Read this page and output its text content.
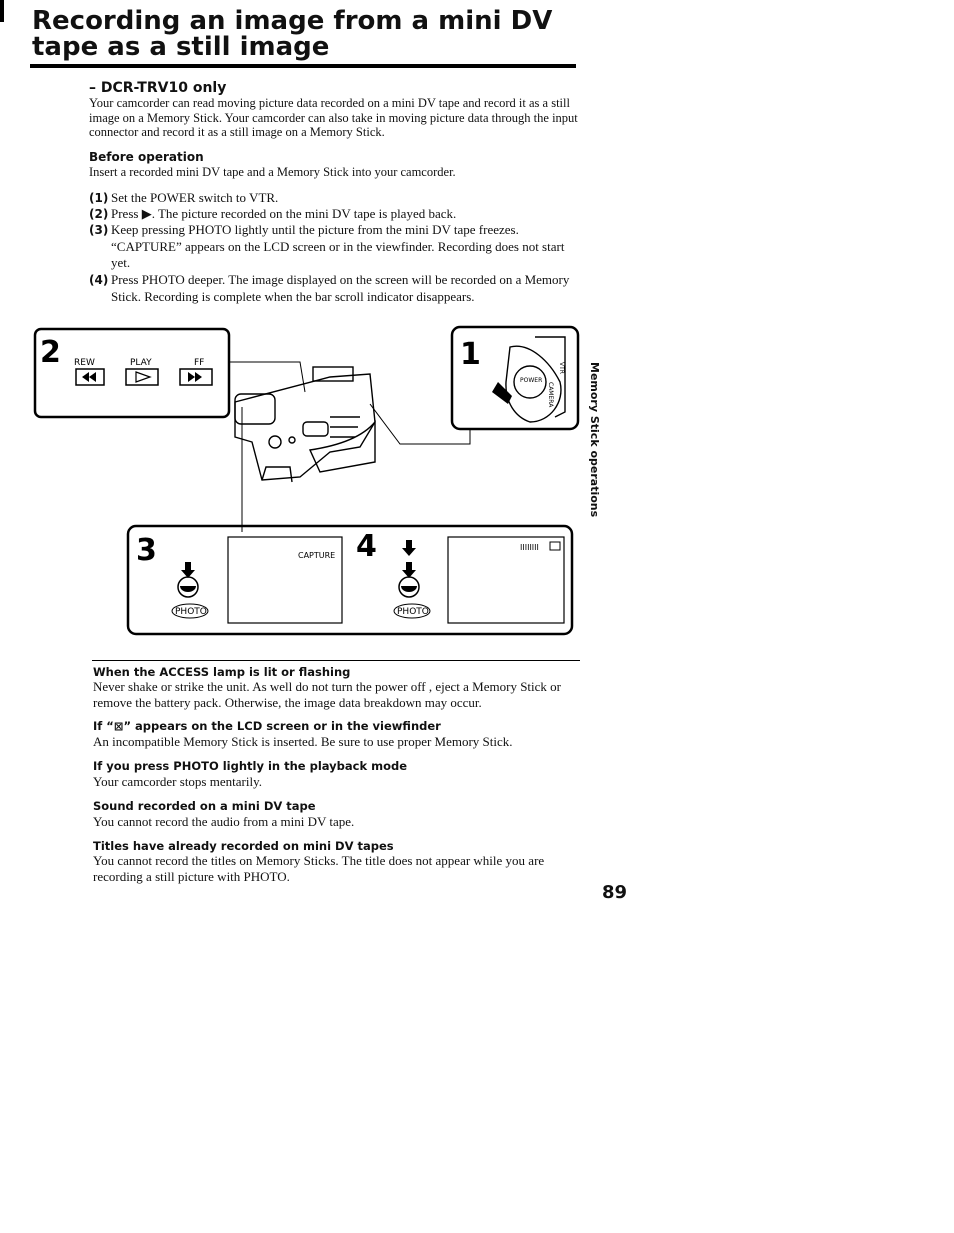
Recording an image from a mini DV tape as a still image
– DCR-TRV10 only
Your camcorder can read moving picture data recorded on a mini DV tape and record it as a still image on a Memory Stick. Your camcorder can also take in moving picture data through the input connector and record it as a still image on a Memory Stick.
Before operation
Insert a recorded mini DV tape and a Memory Stick into your camcorder.
(1) Set the POWER switch to VTR.
(2) Press ▶. The picture recorded on the mini DV tape is played back.
(3) Keep pressing PHOTO lightly until the picture from the mini DV tape freezes. “CAPTURE” appears on the LCD screen or in the viewfinder. Recording does not start yet.
(4) Press PHOTO deeper. The image displayed on the screen will be recorded on a Memory Stick. Recording is complete when the bar scroll indicator disappears.
Memory Stick operations
2 REW	PLAY	FF	1
POWER
VTR
CAMERA
3	4
PHOTO
CAPTURE
PHOTO
IIIIIIII
When the ACCESS lamp is lit or flashing
Never shake or strike the unit. As well do not turn the power off , eject a Memory Stick or remove the battery pack. Otherwise, the image data breakdown may occur.
If “⊠” appears on the LCD screen or in the viewfinder
An incompatible Memory Stick is inserted. Be sure to use proper Memory Stick.
If you press PHOTO lightly in the playback mode
Your camcorder stops mentarily.
Sound recorded on a mini DV tape
You cannot record the audio from a mini DV tape.
Titles have already recorded on mini DV tapes
You cannot record the titles on Memory Sticks. The title does not appear while you are recording a still picture with PHOTO.
89
